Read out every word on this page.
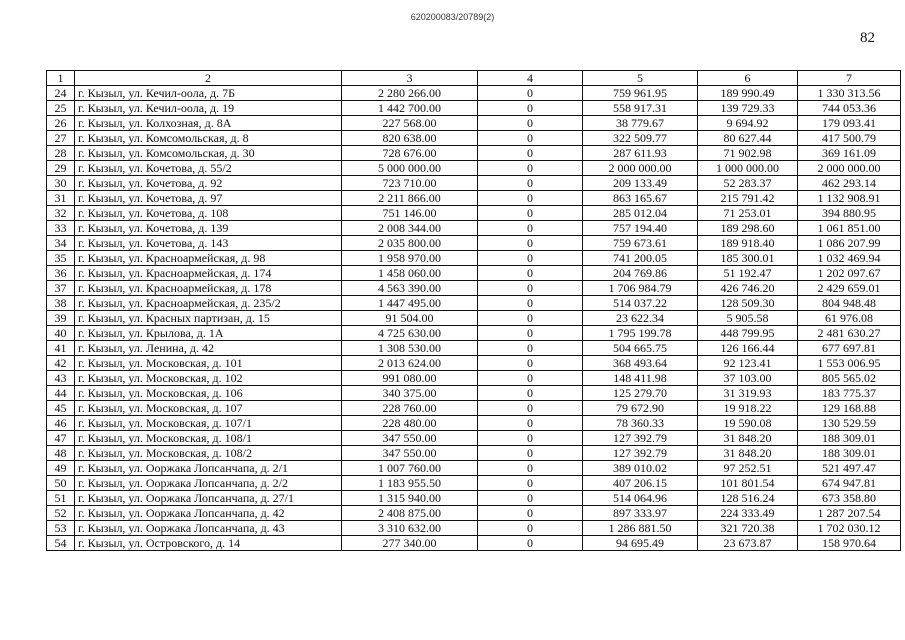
620200083/20789(2)
82
1	2	3	4	5	6	7
24	г. Кызыл, ул. Кечил-оола, д. 7Б	2 280 266.00	0	759 961.95	189 990.49	1 330 313.56
25	г. Кызыл, ул. Кечил-оола, д. 19	1 442 700.00	0	558 917.31	139 729.33	744 053.36
26	г. Кызыл, ул. Колхозная, д. 8А	227 568.00	0	38 779.67	9 694.92	179 093.41
27	г. Кызыл, ул. Комсомольская, д. 8	820 638.00	0	322 509.77	80 627.44	417 500.79
28	г. Кызыл, ул. Комсомольская, д. 30	728 676.00	0	287 611.93	71 902.98	369 161.09
29	г. Кызыл, ул. Кочетова, д. 55/2	5 000 000.00	0	2 000 000.00	1 000 000.00	2 000 000.00
30	г. Кызыл, ул. Кочетова, д. 92	723 710.00	0	209 133.49	52 283.37	462 293.14
31	г. Кызыл, ул. Кочетова, д. 97	2 211 866.00	0	863 165.67	215 791.42	1 132 908.91
32	г. Кызыл, ул. Кочетова, д. 108	751 146.00	0	285 012.04	71 253.01	394 880.95
33	г. Кызыл, ул. Кочетова, д. 139	2 008 344.00	0	757 194.40	189 298.60	1 061 851.00
34	г. Кызыл, ул. Кочетова, д. 143	2 035 800.00	0	759 673.61	189 918.40	1 086 207.99
35	г. Кызыл, ул. Красноармейская, д. 98	1 958 970.00	0	741 200.05	185 300.01	1 032 469.94
36	г. Кызыл, ул. Красноармейская, д. 174	1 458 060.00	0	204 769.86	51 192.47	1 202 097.67
37	г. Кызыл, ул. Красноармейская, д. 178	4 563 390.00	0	1 706 984.79	426 746.20	2 429 659.01
38	г. Кызыл, ул. Красноармейская, д. 235/2	1 447 495.00	0	514 037.22	128 509.30	804 948.48
39	г. Кызыл, ул. Красных партизан, д. 15	91 504.00	0	23 622.34	5 905.58	61 976.08
40	г. Кызыл, ул. Крылова, д. 1А	4 725 630.00	0	1 795 199.78	448 799.95	2 481 630.27
41	г. Кызыл, ул. Ленина, д. 42	1 308 530.00	0	504 665.75	126 166.44	677 697.81
42	г. Кызыл, ул. Московская, д. 101	2 013 624.00	0	368 493.64	92 123.41	1 553 006.95
43	г. Кызыл, ул. Московская, д. 102	991 080.00	0	148 411.98	37 103.00	805 565.02
44	г. Кызыл, ул. Московская, д. 106	340 375.00	0	125 279.70	31 319.93	183 775.37
45	г. Кызыл, ул. Московская, д. 107	228 760.00	0	79 672.90	19 918.22	129 168.88
46	г. Кызыл, ул. Московская, д. 107/1	228 480.00	0	78 360.33	19 590.08	130 529.59
47	г. Кызыл, ул. Московская, д. 108/1	347 550.00	0	127 392.79	31 848.20	188 309.01
48	г. Кызыл, ул. Московская, д. 108/2	347 550.00	0	127 392.79	31 848.20	188 309.01
49	г. Кызыл, ул. Ооржака Лопсанчапа, д. 2/1	1 007 760.00	0	389 010.02	97 252.51	521 497.47
50	г. Кызыл, ул. Ооржака Лопсанчапа, д. 2/2	1 183 955.50	0	407 206.15	101 801.54	674 947.81
51	г. Кызыл, ул. Ооржака Лопсанчапа, д. 27/1	1 315 940.00	0	514 064.96	128 516.24	673 358.80
52	г. Кызыл, ул. Ооржака Лопсанчапа, д. 42	2 408 875.00	0	897 333.97	224 333.49	1 287 207.54
53	г. Кызыл, ул. Ооржака Лопсанчапа, д. 43	3 310 632.00	0	1 286 881.50	321 720.38	1 702 030.12
54	г. Кызыл, ул. Островского, д. 14	277 340.00	0	94 695.49	23 673.87	158 970.64
